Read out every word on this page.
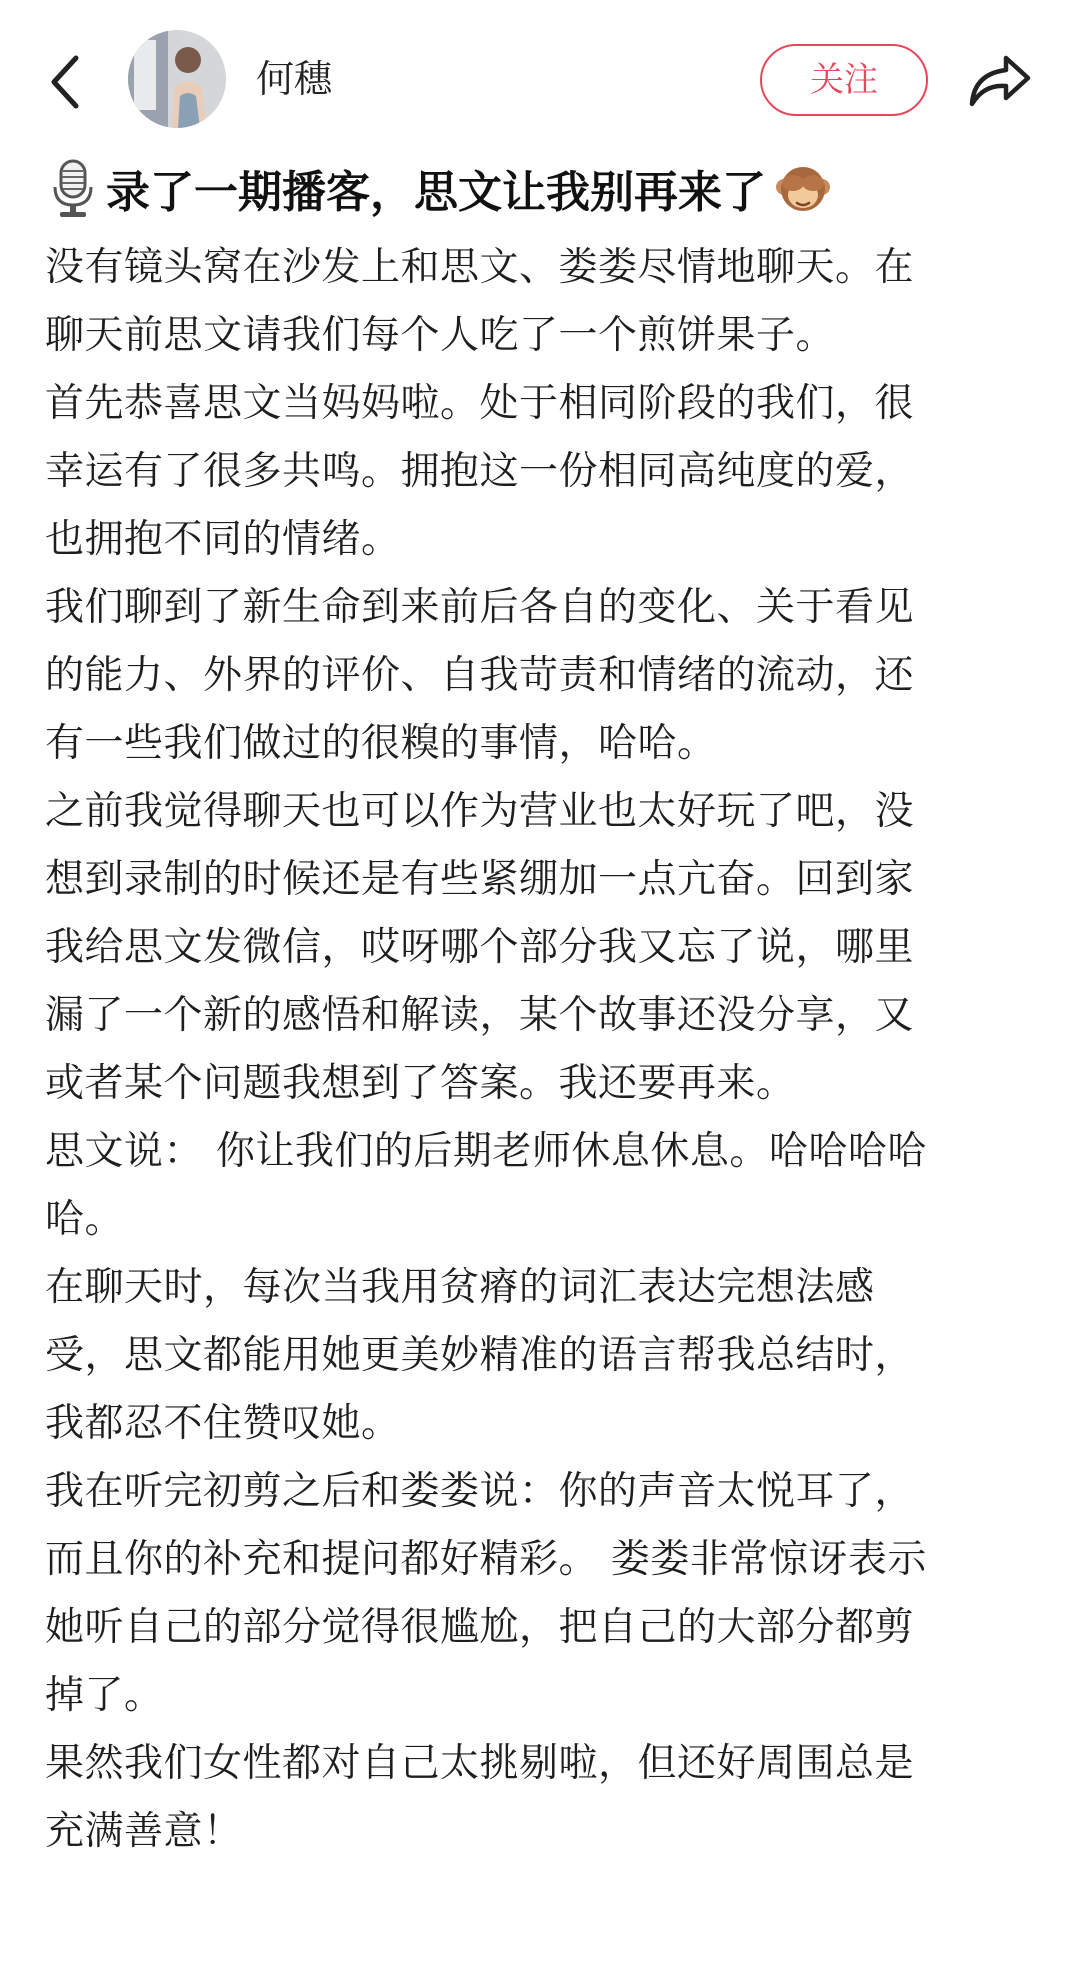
何穗	关注
录了一期播客，思文让我别再来了

没有镜头窝在沙发上和思文、娄娄尽情地聊天。在
聊天前思文请我们每个人吃了一个煎饼果子。

首先恭喜思文当妈妈啦。处于相同阶段的我们，很
幸运有了很多共鸣。拥抱这一份相同高纯度的爱，
也拥抱不同的情绪。

我们聊到了新生命到来前后各自的变化、关于看见
的能力、外界的评价、自我苛责和情绪的流动，还
有一些我们做过的很糗的事情，哈哈。

之前我觉得聊天也可以作为营业也太好玩了吧，没
想到录制的时候还是有些紧绷加一点亢奋。回到家
我给思文发微信，哎呀哪个部分我又忘了说，哪里
漏了一个新的感悟和解读，某个故事还没分享，又
或者某个问题我想到了答案。我还要再来。

思文说： 你让我们的后期老师休息休息。哈哈哈哈
哈。

在聊天时，每次当我用贫瘠的词汇表达完想法感
受，思文都能用她更美妙精准的语言帮我总结时，
我都忍不住赞叹她。

我在听完初剪之后和娄娄说：你的声音太悦耳了，
而且你的补充和提问都好精彩。 娄娄非常惊讶表示
她听自己的部分觉得很尴尬，把自己的大部分都剪
掉了。

果然我们女性都对自己太挑剔啦，但还好周围总是
充满善意！
